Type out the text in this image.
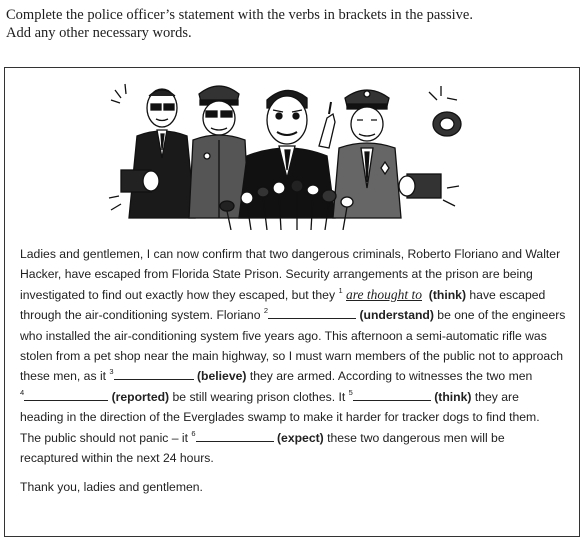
Complete the police officer’s statement with the verbs in brackets in the passive.
Add any other necessary words.
Ladies and gentlemen, I can now confirm that two dangerous criminals, Roberto Floriano and Walter
Hacker, have escaped from Florida State Prison. Security arrangements at the prison are being
investigated to find out exactly how they escaped, but they $^1$ are thought to (think) have escaped
through the air-conditioning system. Floriano $^2$	(understand) be one of the engineers
who installed the air-conditioning system five years ago. This afternoon a semi-automatic rifle was
stolen from a pet shop near the main highway, so I must warn members of the public not to approach
these men, as it $^3$	(believe) they are armed. According to witnesses the two men
$^4$	(reported) be still wearing prison clothes. It $^5$	(think) they are
heading in the direction of the Everglades swamp to make it harder for tracker dogs to find them.
The public should not panic – it $^6$	(expect) these two dangerous men will be
recaptured within the next 24 hours.
Thank you, ladies and gentlemen.
